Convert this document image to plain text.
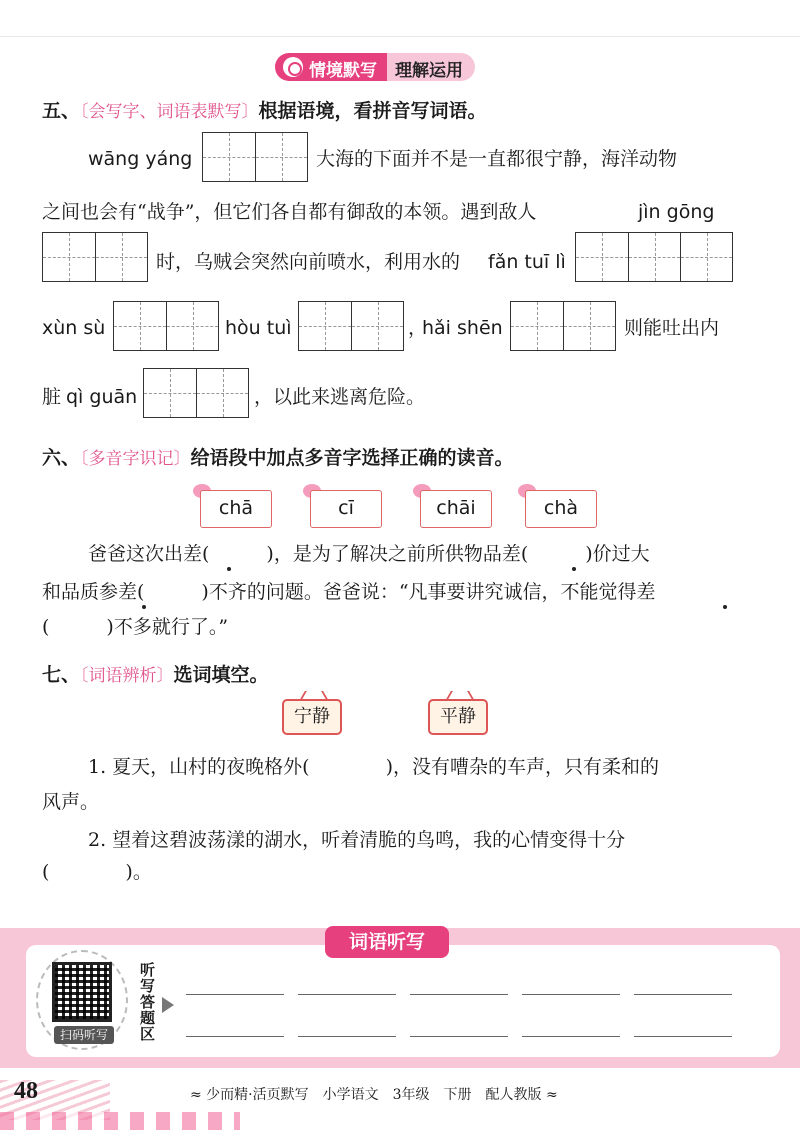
情境默写	理解运用
五、〔会写字、词语表默写〕根据语境，看拼音写词语。
wāng yáng	大海的下面并不是一直都很宁静，海洋动物
之间也会有“战争”，但它们各自都有御敌的本领。遇到敌人	jìn gōng
时，乌贼会突然向前喷水，利用水的 fǎn tuī lì
xùn sù	hòu tuì	，
hǎi shēn	则能吐出内
脏 qì guān	，以此来逃离危险。
六、〔多音字识记〕给语段中加点多音字选择正确的读音。
chā	cī	chāi	chà
爸爸这次出差(　　　)，是为了解决之前所供物品差(　　　)价过大
和品质参差(　　　)不齐的问题。爸爸说：“凡事要讲究诚信，不能觉得差
(　　　)不多就行了。”
七、〔词语辨析〕选词填空。
宁静	平静
1. 夏天，山村的夜晚格外(　　　　)，没有嘈杂的车声，只有柔和的
风声。
2. 望着这碧波荡漾的湖水，听着清脆的鸟鸣，我的心情变得十分
(　　　　)。
词语听写
扫码听写
听写答题区
48	≈ 少而精·活页默写　小学语文　3年级　下册　配人教版 ≈
